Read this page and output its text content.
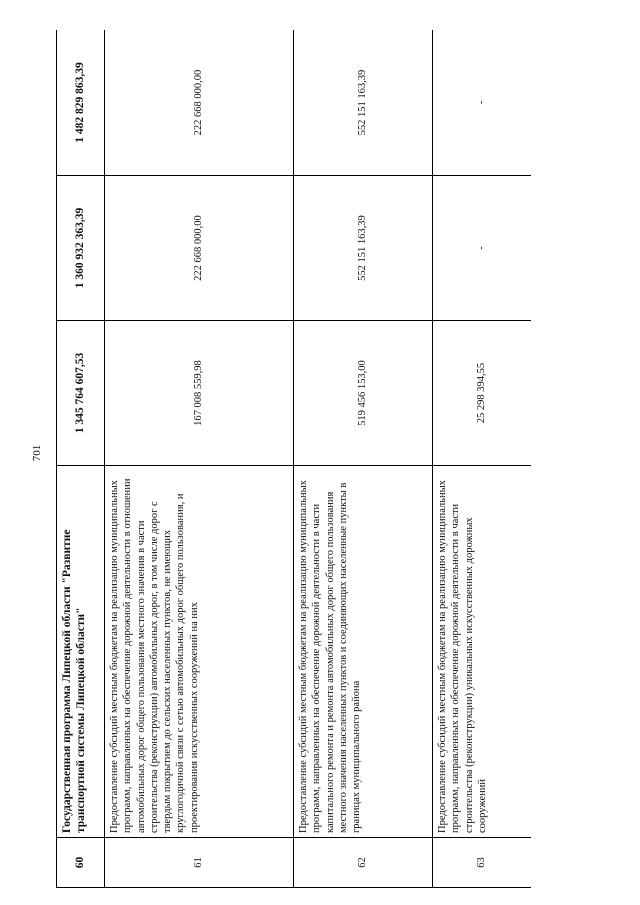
701
60	Государственная программа Липецкой области "Развитие транспортной системы Липецкой области"	1 345 764 607,53	1 360 932 363,39	1 482 829 863,39
61	Предоставление субсидий местным бюджетам на реализацию муниципальных программ, направленных на обеспечение дорожной деятельности в отношении автомобильных дорог общего пользования местного значения в части строительства (реконструкции) автомобильных дорог, в том числе дорог с твердым покрытием до сельских населенных пунктов, не имеющих круглогодичной связи с сетью автомобильных дорог общего пользования, и проектирования искусственных сооружений на них	167 008 559,98	222 668 000,00	222 668 000,00
62	Предоставление субсидий местным бюджетам на реализацию муниципальных программ, направленных на обеспечение дорожной деятельности в части капитального ремонта и ремонта автомобильных дорог общего пользования местного значения населенных пунктов и соединяющих населенные пункты в границах муниципального района	519 456 153,00	552 151 163,39	552 151 163,39
63	Предоставление субсидий местным бюджетам на реализацию муниципальных программ, направленных на обеспечение дорожной деятельности в части строительства (реконструкции) уникальных искусственных дорожных сооружений	25 298 394,55	-	-
